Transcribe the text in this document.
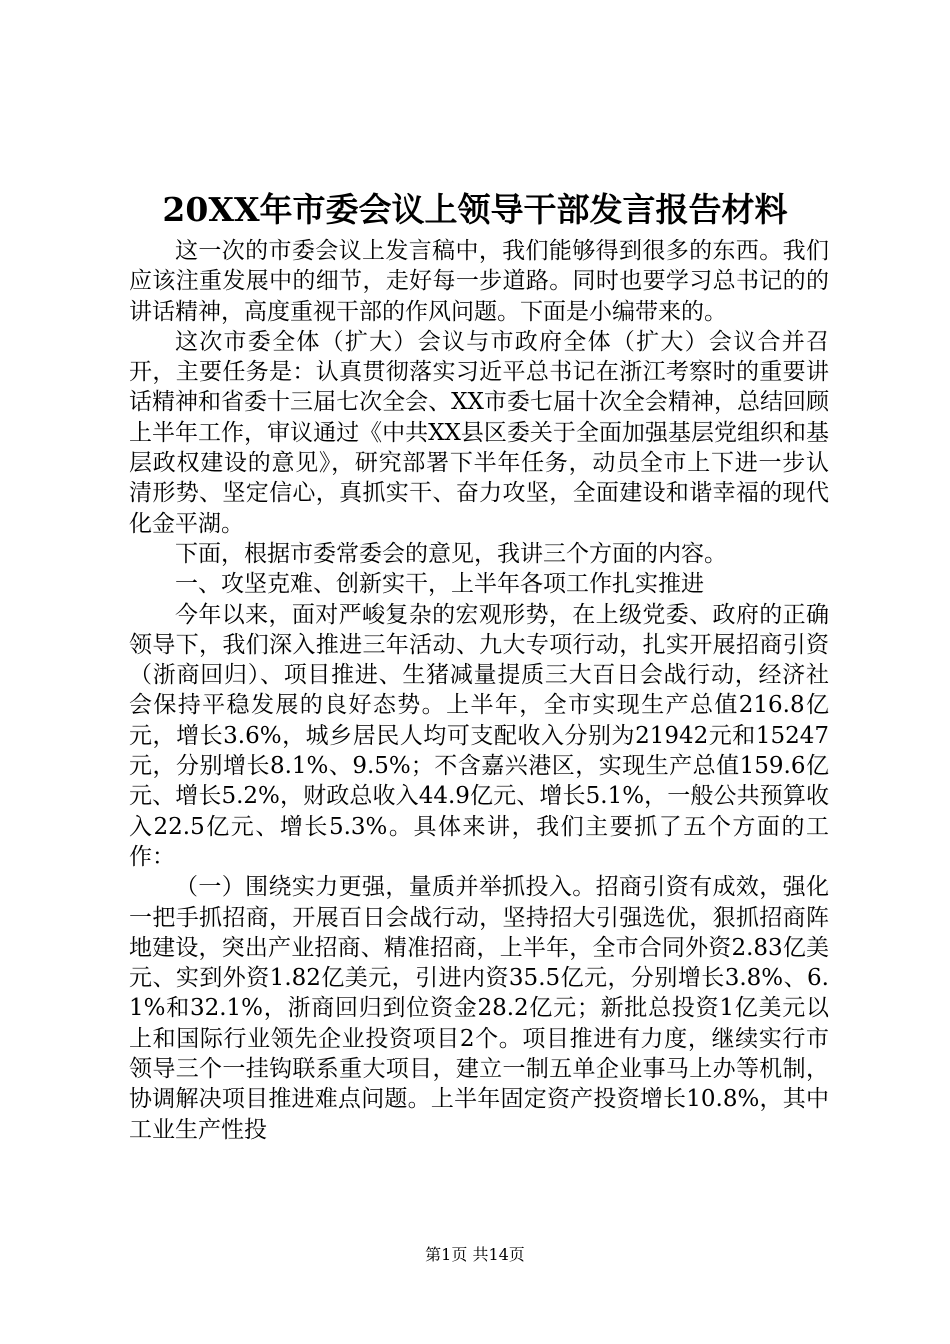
20XX年市委会议上领导干部发言报告材料

这一次的市委会议上发言稿中，我们能够得到很多的东西。我们应该注重发展中的细节，走好每一步道路。同时也要学习总书记的的讲话精神，高度重视干部的作风问题。下面是小编带来的。

这次市委全体（扩大）会议与市政府全体（扩大）会议合并召开，主要任务是：认真贯彻落实习近平总书记在浙江考察时的重要讲话精神和省委十三届七次全会、XX市委七届十次全会精神，总结回顾上半年工作，审议通过《中共XX县区委关于全面加强基层党组织和基层政权建设的意见》，研究部署下半年任务，动员全市上下进一步认清形势、坚定信心，真抓实干、奋力攻坚，全面建设和谐幸福的现代化金平湖。

下面，根据市委常委会的意见，我讲三个方面的内容。

一、攻坚克难、创新实干，上半年各项工作扎实推进

今年以来，面对严峻复杂的宏观形势，在上级党委、政府的正确领导下，我们深入推进三年活动、九大专项行动，扎实开展招商引资（浙商回归）、项目推进、生猪减量提质三大百日会战行动，经济社会保持平稳发展的良好态势。上半年，全市实现生产总值216.8亿元，增长3.6%，城乡居民人均可支配收入分别为21942元和15247元，分别增长8.1%、9.5%；不含嘉兴港区，实现生产总值159.6亿元、增长5.2%，财政总收入44.9亿元、增长5.1%，一般公共预算收入22.5亿元、增长5.3%。具体来讲，我们主要抓了五个方面的工作：

（一）围绕实力更强，量质并举抓投入。招商引资有成效，强化一把手抓招商，开展百日会战行动，坚持招大引强选优，狠抓招商阵地建设，突出产业招商、精准招商，上半年，全市合同外资2.83亿美元、实到外资1.82亿美元，引进内资35.5亿元，分别增长3.8%、6.1%和32.1%，浙商回归到位资金28.2亿元；新批总投资1亿美元以上和国际行业领先企业投资项目2个。项目推进有力度，继续实行市领导三个一挂钩联系重大项目，建立一制五单企业事马上办等机制，协调解决项目推进难点问题。上半年固定资产投资增长10.8%，其中工业生产性投

第1页 共14页
